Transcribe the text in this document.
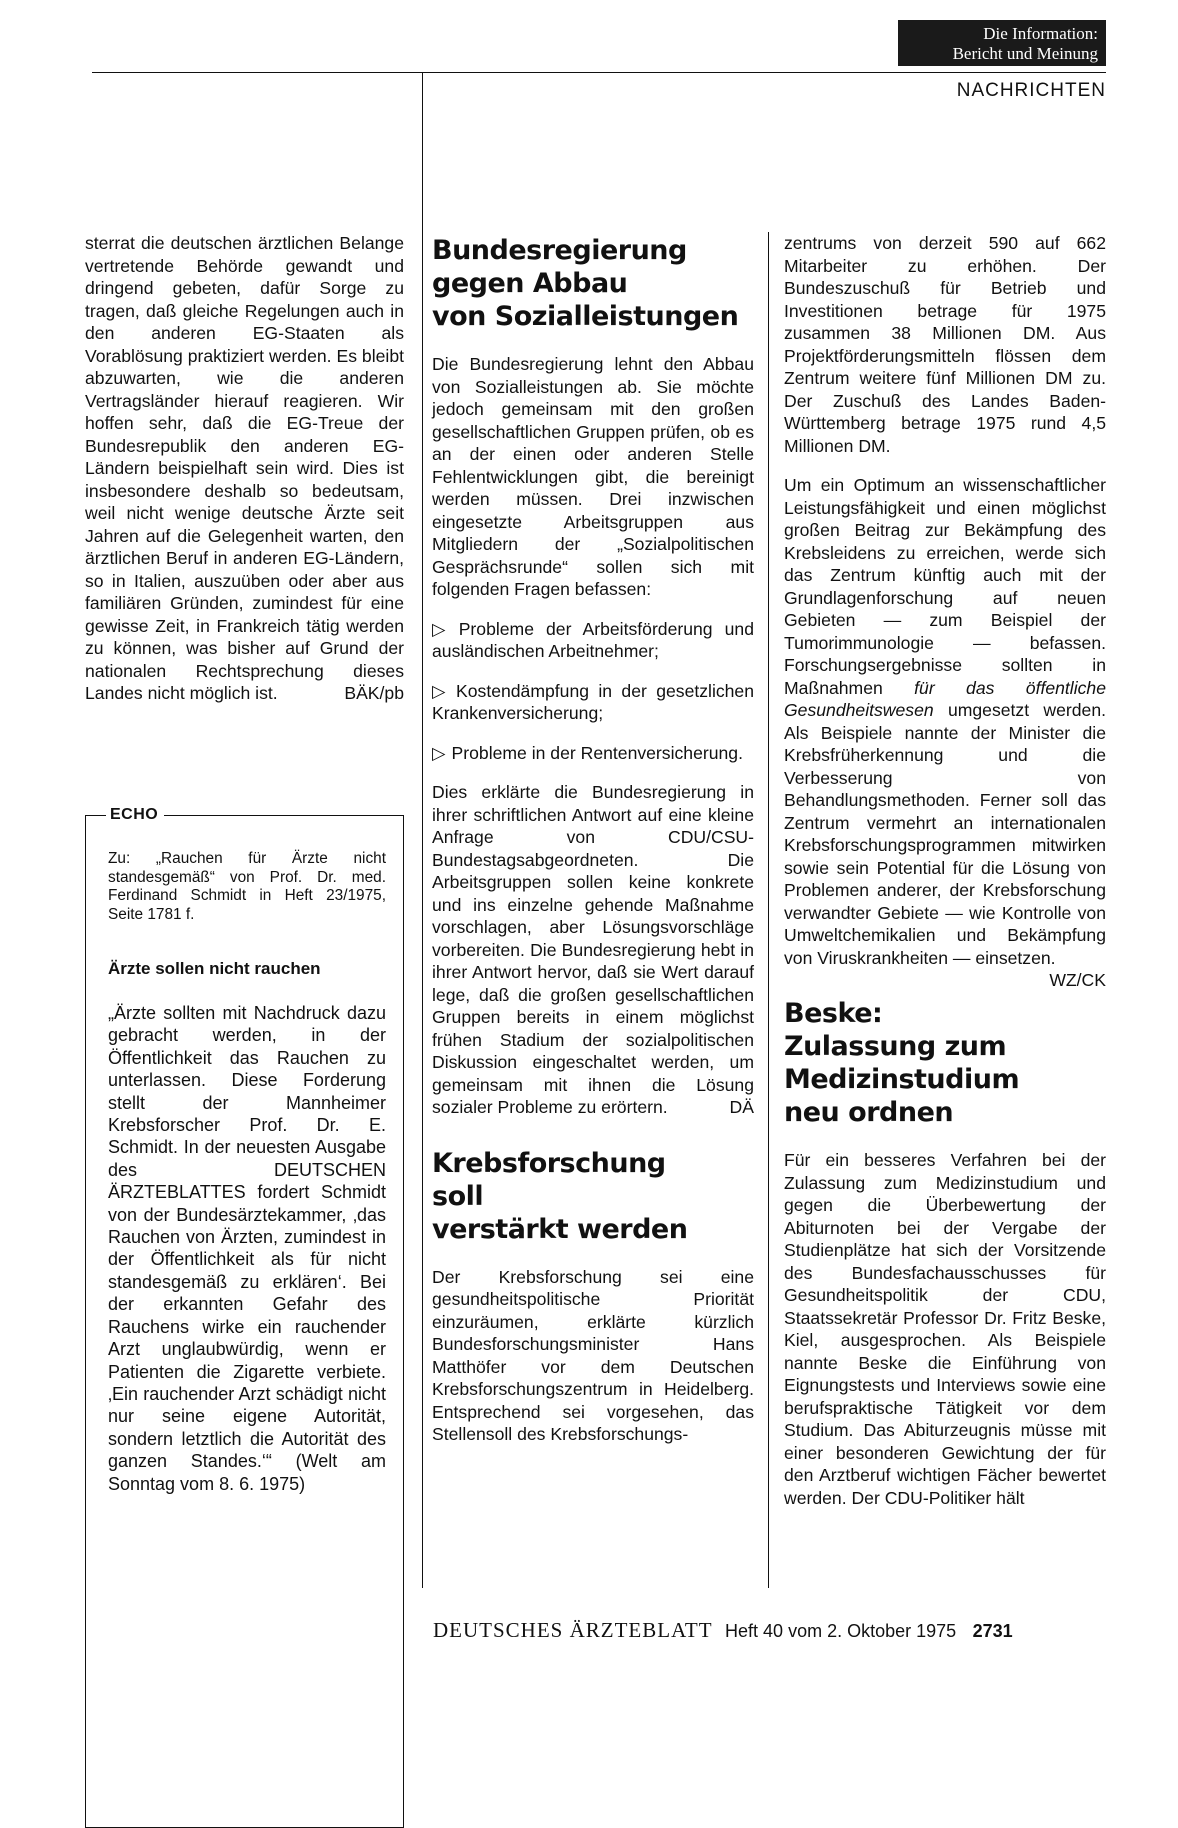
Die Information:
Bericht und Meinung
NACHRICHTEN

sterrat die deutschen ärztlichen Belange vertretende Behörde gewandt und dringend gebeten, dafür Sorge zu tragen, daß gleiche Regelungen auch in den anderen EG-Staaten als Vorablösung praktiziert werden. Es bleibt abzuwarten, wie die anderen Vertragsländer hierauf reagieren. Wir hoffen sehr, daß die EG-Treue der Bundesrepublik den anderen EG-Ländern beispielhaft sein wird. Dies ist insbesondere deshalb so bedeutsam, weil nicht wenige deutsche Ärzte seit Jahren auf die Gelegenheit warten, den ärztlichen Beruf in anderen EG-Ländern, so in Italien, auszuüben oder aber aus familiären Gründen, zumindest für eine gewisse Zeit, in Frankreich tätig werden zu können, was bisher auf Grund der nationalen Rechtsprechung dieses Landes nicht möglich ist.	BÄK/pb

ECHO
Zu: „Rauchen für Ärzte nicht standesgemäß“ von Prof. Dr. med. Ferdinand Schmidt in Heft 23/1975, Seite 1781 f.
Ärzte sollen nicht rauchen
„Ärzte sollten mit Nachdruck dazu gebracht werden, in der Öffentlichkeit das Rauchen zu unterlassen. Diese Forderung stellt der Mannheimer Krebsforscher Prof. Dr. E. Schmidt. In der neuesten Ausgabe des DEUTSCHEN ÄRZTEBLATTES fordert Schmidt von der Bundesärztekammer, ‚das Rauchen von Ärzten, zumindest in der Öffentlichkeit als für nicht standesgemäß zu erklären‘. Bei der erkannten Gefahr des Rauchens wirke ein rauchender Arzt unglaubwürdig, wenn er Patienten die Zigarette verbiete. ‚Ein rauchender Arzt schädigt nicht nur seine eigene Autorität, sondern letztlich die Autorität des ganzen Standes.‘“ (Welt am Sonntag vom 8. 6. 1975)
Bundesregierung
gegen Abbau
von Sozialleistungen

Die Bundesregierung lehnt den Abbau von Sozialleistungen ab. Sie möchte jedoch gemeinsam mit den großen gesellschaftlichen Gruppen prüfen, ob es an der einen oder anderen Stelle Fehlentwicklungen gibt, die bereinigt werden müssen. Drei inzwischen eingesetzte Arbeitsgruppen aus Mitgliedern der „Sozialpolitischen Gesprächsrunde“ sollen sich mit folgenden Fragen befassen:

▷ Probleme der Arbeitsförderung und ausländischen Arbeitnehmer;

▷ Kostendämpfung in der gesetzlichen Krankenversicherung;

▷ Probleme in der Rentenversicherung.

Dies erklärte die Bundesregierung in ihrer schriftlichen Antwort auf eine kleine Anfrage von CDU/CSU-Bundestagsabgeordneten. Die Arbeitsgruppen sollen keine konkrete und ins einzelne gehende Maßnahme vorschlagen, aber Lösungsvorschläge vorbereiten. Die Bundesregierung hebt in ihrer Antwort hervor, daß sie Wert darauf lege, daß die großen gesellschaftlichen Gruppen bereits in einem möglichst frühen Stadium der sozialpolitischen Diskussion eingeschaltet werden, um gemeinsam mit ihnen die Lösung sozialer Probleme zu erörtern.	DÄ

Krebsforschung
soll
verstärkt werden

Der Krebsforschung sei eine gesundheitspolitische Priorität einzuräumen, erklärte kürzlich Bundesforschungsminister Hans Matthöfer vor dem Deutschen Krebsforschungszentrum in Heidelberg. Entsprechend sei vorgesehen, das Stellensoll des Krebsforschungs-

zentrums von derzeit 590 auf 662 Mitarbeiter zu erhöhen. Der Bundeszuschuß für Betrieb und Investitionen betrage für 1975 zusammen 38 Millionen DM. Aus Projektförderungsmitteln flössen dem Zentrum weitere fünf Millionen DM zu. Der Zuschuß des Landes Baden-Württemberg betrage 1975 rund 4,5 Millionen DM.

Um ein Optimum an wissenschaftlicher Leistungsfähigkeit und einen möglichst großen Beitrag zur Bekämpfung des Krebsleidens zu erreichen, werde sich das Zentrum künftig auch mit der Grundlagenforschung auf neuen Gebieten — zum Beispiel der Tumorimmunologie — befassen. Forschungsergebnisse sollten in Maßnahmen für das öffentliche Gesundheitswesen umgesetzt werden. Als Beispiele nannte der Minister die Krebsfrüherkennung und die Verbesserung von Behandlungsmethoden. Ferner soll das Zentrum vermehrt an internationalen Krebsforschungsprogrammen mitwirken sowie sein Potential für die Lösung von Problemen anderer, der Krebsforschung verwandter Gebiete — wie Kontrolle von Umweltchemikalien und Bekämpfung von Viruskrankheiten — einsetzen.
WZ/CK

Beske:
Zulassung zum
Medizinstudium
neu ordnen

Für ein besseres Verfahren bei der Zulassung zum Medizinstudium und gegen die Überbewertung der Abiturnoten bei der Vergabe der Studienplätze hat sich der Vorsitzende des Bundesfachausschusses für Gesundheitspolitik der CDU, Staatssekretär Professor Dr. Fritz Beske, Kiel, ausgesprochen. Als Beispiele nannte Beske die Einführung von Eignungstests und Interviews sowie eine berufspraktische Tätigkeit vor dem Studium. Das Abiturzeugnis müsse mit einer besonderen Gewichtung der für den Arztberuf wichtigen Fächer bewertet werden. Der CDU-Politiker hält

DEUTSCHES ÄRZTEBLATT Heft 40 vom 2. Oktober 1975 2731
